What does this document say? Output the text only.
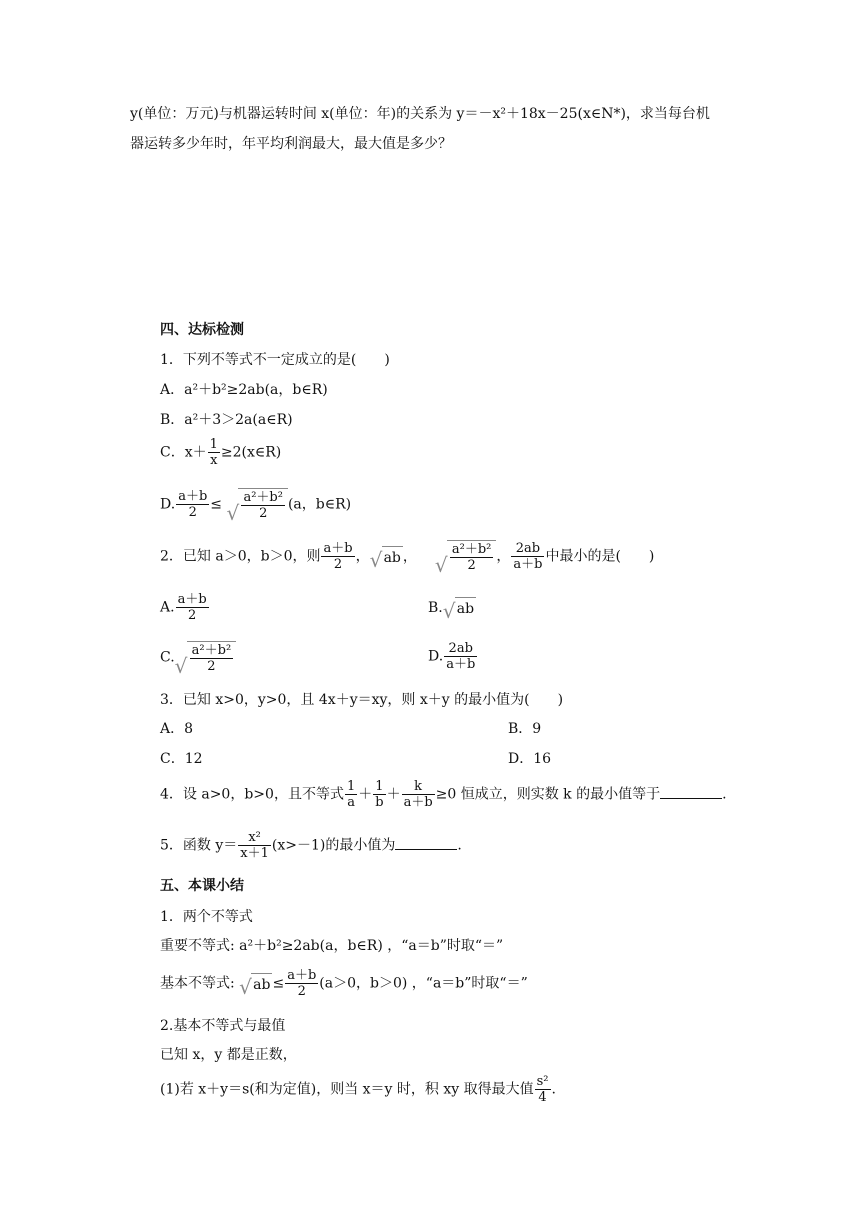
y(单位：万元)与机器运转时间 x(单位：年)的关系为 y＝－x²＋18x－25(x∈N*)，求当每台机
器运转多少年时，年平均利润最大，最大值是多少？
四、达标检测
1．下列不等式不一定成立的是(　　)
A．a²＋b²≥2ab(a，b∈R)
B．a²＋3＞2a(a∈R)
C．$x+ \frac{1}{x}$ ≥2(x∈R)
D. $\frac{a+b}{2}$ ≤ √ $\frac{\text{a²＋b²}}{2} (a$，b∈R)
2．已知 a＞0，b＞0，则 $\frac{a+b}{2}$ ， √ ab ， √ $\frac{\text{a²＋b²}}{2}$ ， $\frac{2ab}{a+b}$ 中最小的是(　　)
A. $\frac{a+b}{2}$	B. √ ab
C. √ $\frac{\text{a²＋b²}}{2}$	D. $\frac{2ab}{a+b}$
3．已知 x>0，y>0，且 4x＋y＝xy，则 x＋y 的最小值为(　　)
A．8	B．9
C．12	D．16
4．设 a>0，b>0，且不等式 $\frac{1}{a} + \frac{1}{b} + \frac{k}{a+b} \ge 0$ 恒成立，则实数 k 的最小值等于	.
5．函数 $y= \frac{\text{x²}}{x+1} (x>-1)$的最小值为	.
五、本课小结
1．两个不等式
重要不等式: a²＋b²≥2ab(a，b∈R) ，“a＝b”时取“＝”
基本不等式: √ ab ≤ $\frac{a+b}{2} (a>0$，b＞0) ，“a＝b”时取“＝”
2.基本不等式与最值
已知 x，y 都是正数，
(1)若 x＋y＝s(和为定值)，则当 x＝y 时，积 xy 取得最大值 $\frac{\text{s²}}{4}$ .
